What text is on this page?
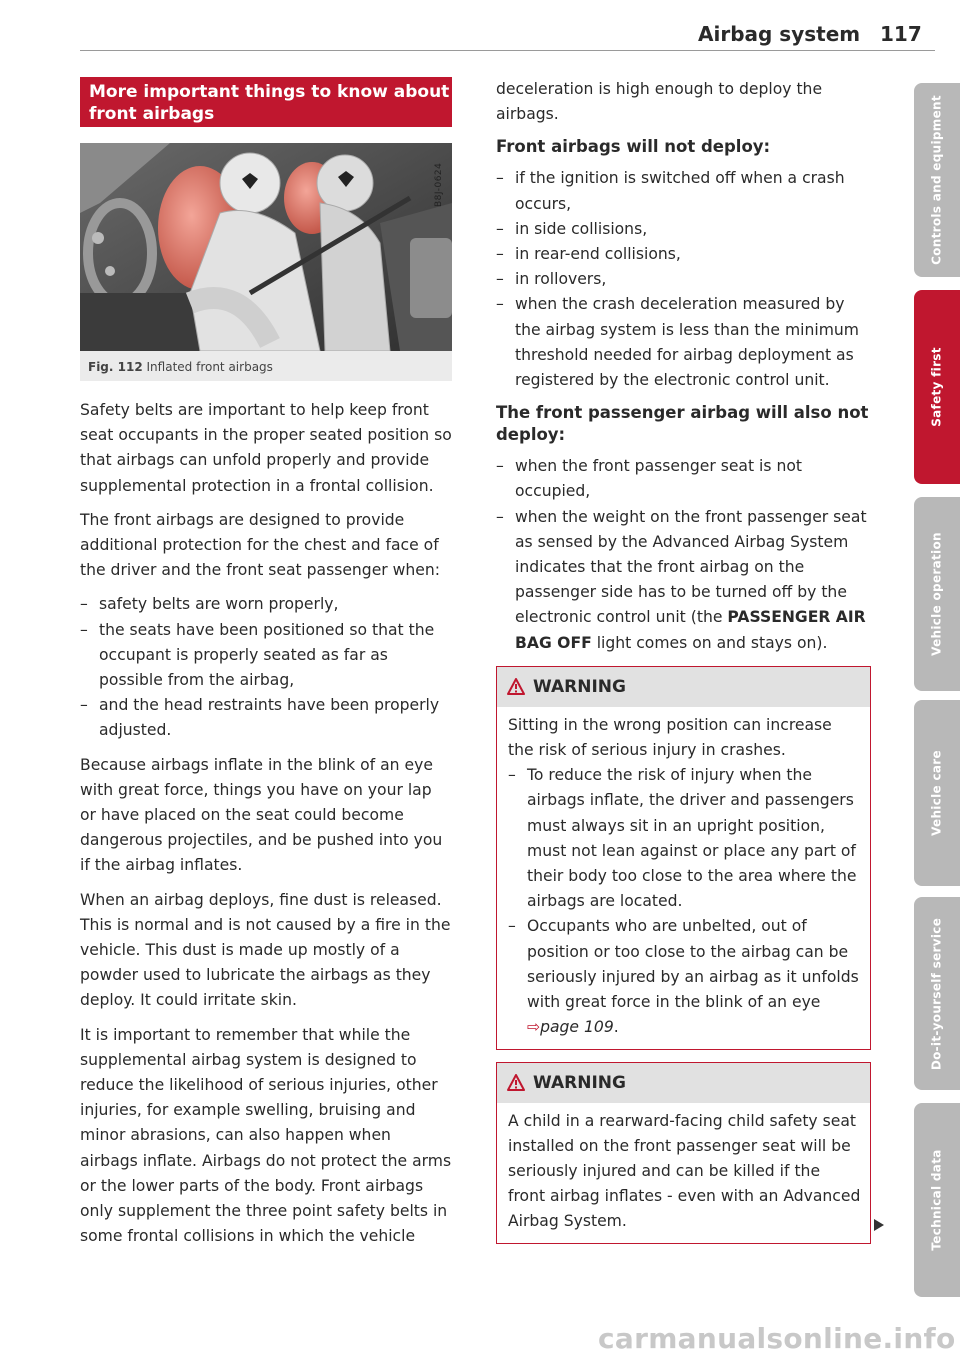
Airbag system 117
More important things to know about
front airbags
B8J-0624
Fig. 112 Inflated front airbags

Safety belts are important to help keep front seat occupants in the proper seated position so that airbags can unfold properly and provide supplemental protection in a frontal collision.

The front airbags are designed to provide additional protection for the chest and face of the driver and the front seat passenger when:

– safety belts are worn properly,
– the seats have been positioned so that the occupant is properly seated as far as possible from the airbag,
– and the head restraints have been properly adjusted.

Because airbags inflate in the blink of an eye with great force, things you have on your lap or have placed on the seat could become dangerous projectiles, and be pushed into you if the airbag inflates.

When an airbag deploys, fine dust is released. This is normal and is not caused by a fire in the vehicle. This dust is made up mostly of a powder used to lubricate the airbags as they deploy. It could irritate skin.

It is important to remember that while the supplemental airbag system is designed to reduce the likelihood of serious injuries, other injuries, for example swelling, bruising and minor abrasions, can also happen when airbags inflate. Airbags do not protect the arms or the lower parts of the body. Front airbags only supplement the three point safety belts in some frontal collisions in which the vehicle

deceleration is high enough to deploy the airbags.

Front airbags will not deploy:
– if the ignition is switched off when a crash occurs,
– in side collisions,
– in rear-end collisions,
– in rollovers,
– when the crash deceleration measured by the airbag system is less than the minimum threshold needed for airbag deployment as registered by the electronic control unit.
The front passenger airbag will also not deploy:
– when the front passenger seat is not occupied,
– when the weight on the front passenger seat as sensed by the Advanced Airbag System indicates that the front airbag on the passenger side has to be turned off by the electronic control unit (the PASSENGER AIR BAG OFF light comes on and stays on).
WARNING

Sitting in the wrong position can increase the risk of serious injury in crashes.

– To reduce the risk of injury when the airbags inflate, the driver and passengers must always sit in an upright position, must not lean against or place any part of their body too close to the area where the airbags are located.
– Occupants who are unbelted, out of position or too close to the airbag can be seriously injured by an airbag as it unfolds with great force in the blink of an eye
⇨page 109.
WARNING

A child in a rearward-facing child safety seat installed on the front passenger seat will be seriously injured and can be killed if the front airbag inflates - even with an Advanced Airbag System.

Controls and equipment
Safety first
Vehicle operation
Vehicle care
Do-it-yourself service
Technical data
carmanualsonline.info
